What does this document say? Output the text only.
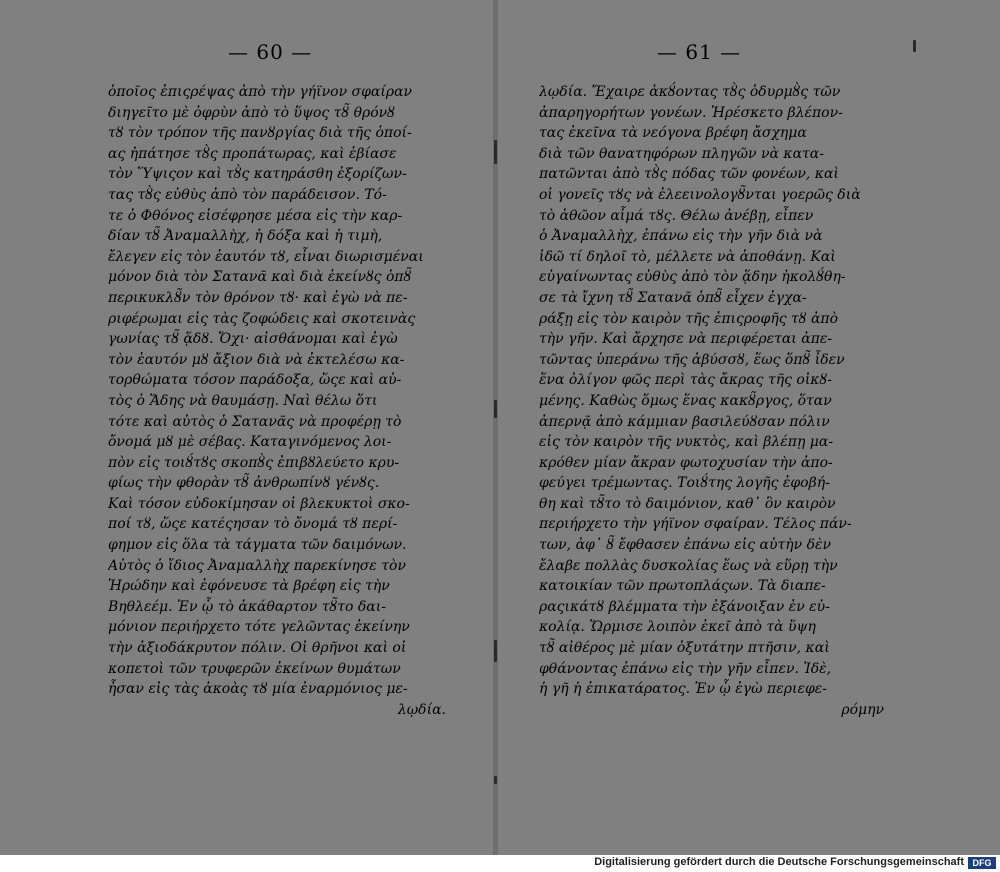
— 60 —
ὁποῖος ἐπιςρέψας ἀπὸ τὴν γήϊνον σφαίραν
διηγεῖτο μὲ ὀφρὺν ἀπὸ τὸ ὕψος τȣ̃ θρόνȣ
τȣ τὸν τρόπον τῆς πανȣργίας διὰ τῆς ὁποί-
ας ἠπάτησε τȣ̀ς προπάτωρας, καὶ ἐβίασε
τὸν Ὕψιςον καὶ τȣ̀ς κατηράσθη ἐξορίζων-
τας τȣ̀ς εὐθὺς ἀπὸ τὸν παράδεισον. Τό-
τε ὁ Φθόνος εἰσέφρησε μέσα εἰς τὴν καρ-
δίαν τȣ̃ Ἀναμαλλὴχ, ἡ δόξα καὶ ἡ τιμὴ,
ἔλεγεν εἰς τὸν ἑαυτόν τȣ, εἶναι διωρισμέναι
μόνον διὰ τὸν Σατανᾶ καὶ διὰ ἐκείνȣς ὁπȣ̃
περικυκλȣ̃ν τὸν θρόνον τȣ· καὶ ἐγὼ νὰ πε-
ριφέρωμαι εἰς τὰς ζοφώδεις καὶ σκοτεινὰς
γωνίας τȣ̃ ᾅδȣ. Ὄχι· αἰσθάνομαι καὶ ἐγὼ
τὸν ἑαυτόν μȣ ἄξιον διὰ νὰ ἐκτελέσω κα-
τορθώματα τόσον παράδοξα, ὥςε καὶ αὐ-
τὸς ὁ Ἅδης νὰ θαυμάσῃ. Ναὶ θέλω ὅτι
τότε καὶ αὐτὸς ὁ Σατανᾶς νὰ προφέρῃ τὸ
ὄνομά μȣ μὲ σέβας. Καταγινόμενος λοι-
πὸν εἰς τοιȣ́τȣς σκοπȣ̀ς ἐπιβȣλεύετο κρυ-
φίως τὴν φθορὰν τȣ̃ ἀνθρωπίνȣ γένȣς.
Καὶ τόσον εὐδοκίμησαν οἱ βλεκυκτοὶ σκο-
ποί τȣ, ὥςε κατέςησαν τὸ ὄνομά τȣ περί-
φημον εἰς ὅλα τὰ τάγματα τῶν δαιμόνων.
Αὐτὸς ὁ ἴδιος Ἀναμαλλὴχ παρεκίνησε τὸν
Ἡρώδην καὶ ἐφόνευσε τὰ βρέφη εἰς τὴν
Βηθλεέμ. Ἐν ᾧ τὸ ἀκάθαρτον τȣ̃το δαι-
μόνιον περιήρχετο τότε γελῶντας ἐκείνην
τὴν ἀξιοδάκρυτον πόλιν. Οἱ θρῆνοι καὶ οἱ
κοπετοὶ τῶν τρυφερῶν ἐκείνων θυμάτων
ἦσαν εἰς τὰς ἀκοὰς τȣ μία ἐναρμόνιος με-
λῳδία.
— 61 —
λῳδία. Ἔχαιρε ἀκȣ́οντας τȣ̀ς ὀδυρμȣ̀ς τῶν
ἀπαρηγορήτων γονέων. Ἠρέσκετο βλέπον-
τας ἐκεῖνα τὰ νεόγονα βρέφη ἄσχημα
διὰ τῶν θανατηφόρων πληγῶν νὰ κατα-
πατῶνται ἀπὸ τȣ̀ς πόδας τῶν φονέων, καὶ
οἱ γονεῖς τȣς νὰ ἐλεεινολογȣ̃νται γοερῶς διὰ
τὸ ἀθῶον αἷμά τȣς. Θέλω ἀνέβῃ, εἶπεν
ὁ Ἀναμαλλὴχ, ἐπάνω εἰς τὴν γῆν διὰ νὰ
ἰδῶ τί δηλοῖ τὸ, μέλλετε νὰ ἀποθάνῃ. Καὶ
εὐγαίνωντας εὐθὺς ἀπὸ τὸν ᾅδην ἠκολȣ́θη-
σε τὰ ἴχνη τȣ̃ Σατανᾶ ὁπȣ̃ εἶχεν ἐγχα-
ράξῃ εἰς τὸν καιρὸν τῆς ἐπιςροφῆς τȣ ἀπὸ
τὴν γῆν. Καὶ ἄρχησε νὰ περιφέρεται ἀπε-
τῶντας ὑπεράνω τῆς ἀβύσσȣ, ἕως ὅπȣ̃ ἶδεν
ἕνα ὀλίγον φῶς περὶ τὰς ἄκρας τῆς οἰκȣ-
μένης. Καθὼς ὅμως ἕνας κακȣ̃ργος, ὅταν
ἀπερνᾷ ἀπὸ κάμμιαν βασιλεύȣσαν πόλιν
εἰς τὸν καιρὸν τῆς νυκτὸς, καὶ βλέπῃ μα-
κρόθεν μίαν ἄκραν φωτοχυσίαν τὴν ἀπο-
φεύγει τρέμωντας. Τοιȣ́της λογῆς ἐφοβή-
θη καὶ τȣ̃το τὸ δαιμόνιον, καθ᾽ ὃν καιρὸν
περιήρχετο τὴν γήϊνον σφαίραν. Τέλος πάν-
των, ἀφ᾽ ȣ̃ ἔφθασεν ἐπάνω εἰς αὐτὴν δὲν
ἔλαβε πολλὰς δυσκολίας ἕως νὰ εὕρῃ τὴν
κατοικίαν τῶν πρωτοπλάςων. Τὰ διαπε-
ραςικάτȣ βλέμματα τὴν ἐξάνοιξαν ἐν εὐ-
κολίᾳ. Ὥρμισε λοιπὸν ἐκεῖ ἀπὸ τὰ ὕψη
τȣ̃ αἰθέρος μὲ μίαν ὀξυτάτην πτῆσιν, καὶ
φθάνοντας ἐπάνω εἰς τὴν γῆν εἶπεν. Ἰδὲ,
ἡ γῆ ἡ ἐπικατάρατος. Ἐν ᾧ ἐγὼ περιεφε-
ρόμην
Digitalisierung gefördert durch die Deutsche Forschungsgemeinschaft DFG
